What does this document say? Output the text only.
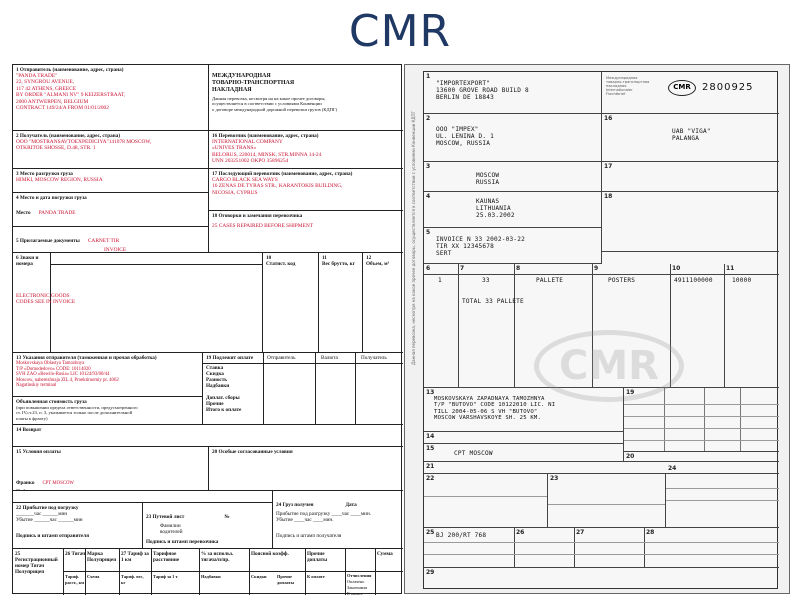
CMR
1 Отправитель (наименование, адрес, страна)
"PANDA TRADE"
22, SYNGROU AVENUE,
117 42 ATHENS, GREECE
BY ORDER "ALMANI NV" 9 KEIZERSTRAAT,
2000 ANTWERPEN, BELGIUM
CONTRACT 149/24/A FROM 01/01/2002
МЕЖДУНАРОДНАЯ
ТОВАРНО-ТРАНСПОРТНАЯ
НАКЛАДНАЯ
Данная перевозка, несмотря на на какое прочее договоры,
осуществляется в соответствии с условиями Конвенции
о договоре международной дорожной перевозки грузов (КДПГ)
2 Получатель (наименование, адрес, страна)
OOO "MOSTRANSAVTOEXPEDICIYA"141078 MOSCOW,
OTKRITOE SHOSSE, D.48, STR. 1
16 Перевозчик (наименование, адрес, страна)
INTERNATIONAL COMPANY
«UNIVES TRANS»
BELORUS, 220014, MINSK, STR.MINNA 14-24
UNN 203251002 OKPO 35896254
3 Место разгрузки груза
HIMKI, MOSCOW REGION, RUSSIA
17 Последующий перевозчик (наименование, адрес, страна)
CARGO BLACK SEA WAYS
16 ZENAS DE TYRAS STR., KARANTOKIS BUILDING,
NICOSIA, CYPRUS
4 Место и дата погрузки груза
Место PANDA TRADE

	18 Оговорки и замечания перевозчика
25 CASES REPAIRED BEFORE SHIPMENT
5 Прилагаемые документы CARNET TIR
INVOICE
6 Знаки и номера

10
Статист. код
11
Вес брутто, кг
12
Объем, м³
ELECTRONIC GOODS
CODES SEE IN INVOICE
13 Указания отправителя (таможенная и прочая обработка)
Moskovskaya Oblastya Tamozhnya
T/P «Domodedovo» CODE: 10114020
SVH ZAO «Rewilo-Rusia» LIC 10124/93/00/44
Moscow, naberezhnaja ZIL 4, Proektiruemiy pr. 4062
Nagatinskiy terminal
Объявленная стоимость груза
(при повышении предела ответственности, предусмотренного
ст. IV,ст.23, п. 3, указывается только после дополнительной
платы к фрахту)
19 Подлежит оплате	Отправитель	Валюта	Получатель
Ставка
Скидка
Разность
Надбавки
Доплат. сборы
Прочие
Итого к оплате
14 Возврат
15 Условия оплаты
Франко CPT MOSCOW
20 Особые согласованные условия
24 Груз получен	Дата
Прибытие под разгрузку ____час ____мин.
Убытие ____час ____мин.
Подпись и штамп получателя
22 Прибытие под погрузку
_______час ______мин
Убытие ______час ______мин
Подпись и штамп отправителя
23 Путевой лист	№
Фамилии
водителей
Подпись и штамп перевозчика
25 Регистрационный номер Тягач Полуприцеп
26 Тягач Марка Полуприцеп
27 Тариф за 1 км
Тарифное расстояние
% за использ. тягача/п/пр.
Поясной коэфф.	Прочие доплаты
Сумма
Тариф. расст., км
Схема	Тариф. вес, кг
Тариф за 1 т	Надбавки	Скидки Прочие доплаты
К оплате	Отчисления
Оплачено
Заказчиком
К оплате
Данная перевозка, несмотря на какое прочее договоры, осуществляется в соответствии с условиями Конвенции КДПГ
Международная
товарно-транспортная
накладная
Internationaler
Frachtbrief
CMR	2800925
1
"IMPORTEXPORT"
13600 GROVE ROAD BUILD 8
BERLIN DE 18843
2
OOO "IMPEX"
UL. LENINA D. 1
MOSCOW, RUSSIA
16
UAB "VIGA"
PALANGA
3
MOSCOW
RUSSIA
17
4
KAUNAS
LITHUANIA
25.03.2002
18
5
INVOICE N 33 2002-03-22
TIR XX 12345678
SERT
6	7	8	9	10	11
1	33	PALLETE	POSTERS	4911100000	10000
TOTAL 33 PALLETE
CMR
13
MOSKOVSKAYA ZAPADNAYA TAMOZHNYA
T/P "BUTOVO" CODE 10122010 LIC. NI
TILL 2004-05-06 S VH "BUTOVO"
MOSCOW VARSHAVSKOYE SH. 25 KM.
19
14
15
CPT MOSCOW	20
21
22	23
24
25	26	27	28
BJ 200/RT 768
29
